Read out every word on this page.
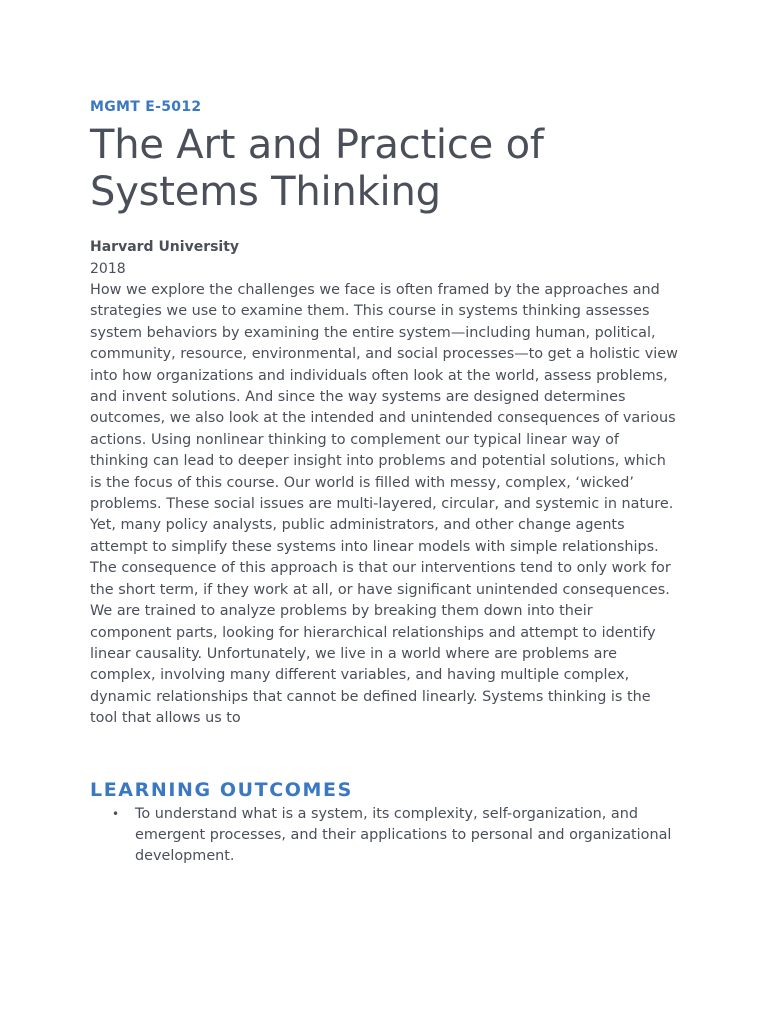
MGMT E-5012

The Art and Practice of Systems Thinking

Harvard University

2018

How we explore the challenges we face is often framed by the approaches and strategies we use to examine them. This course in systems thinking assesses system behaviors by examining the entire system—including human, political, community, resource, environmental, and social processes—to get a holistic view into how organizations and individuals often look at the world, assess problems, and invent solutions. And since the way systems are designed determines outcomes, we also look at the intended and unintended consequences of various actions. Using nonlinear thinking to complement our typical linear way of thinking can lead to deeper insight into problems and potential solutions, which is the focus of this course. Our world is filled with messy, complex, ‘wicked’ problems. These social issues are multi-layered, circular, and systemic in nature. Yet, many policy analysts, public administrators, and other change agents attempt to simplify these systems into linear models with simple relationships. The consequence of this approach is that our interventions tend to only work for the short term, if they work at all, or have significant unintended consequences. We are trained to analyze problems by breaking them down into their component parts, looking for hierarchical relationships and attempt to identify linear causality. Unfortunately, we live in a world where are problems are complex, involving many different variables, and having multiple complex, dynamic relationships that cannot be defined linearly. Systems thinking is the tool that allows us to

LEARNING OUTCOMES
• To understand what is a system, its complexity, self-organization, and emergent processes, and their applications to personal and organizational development.
